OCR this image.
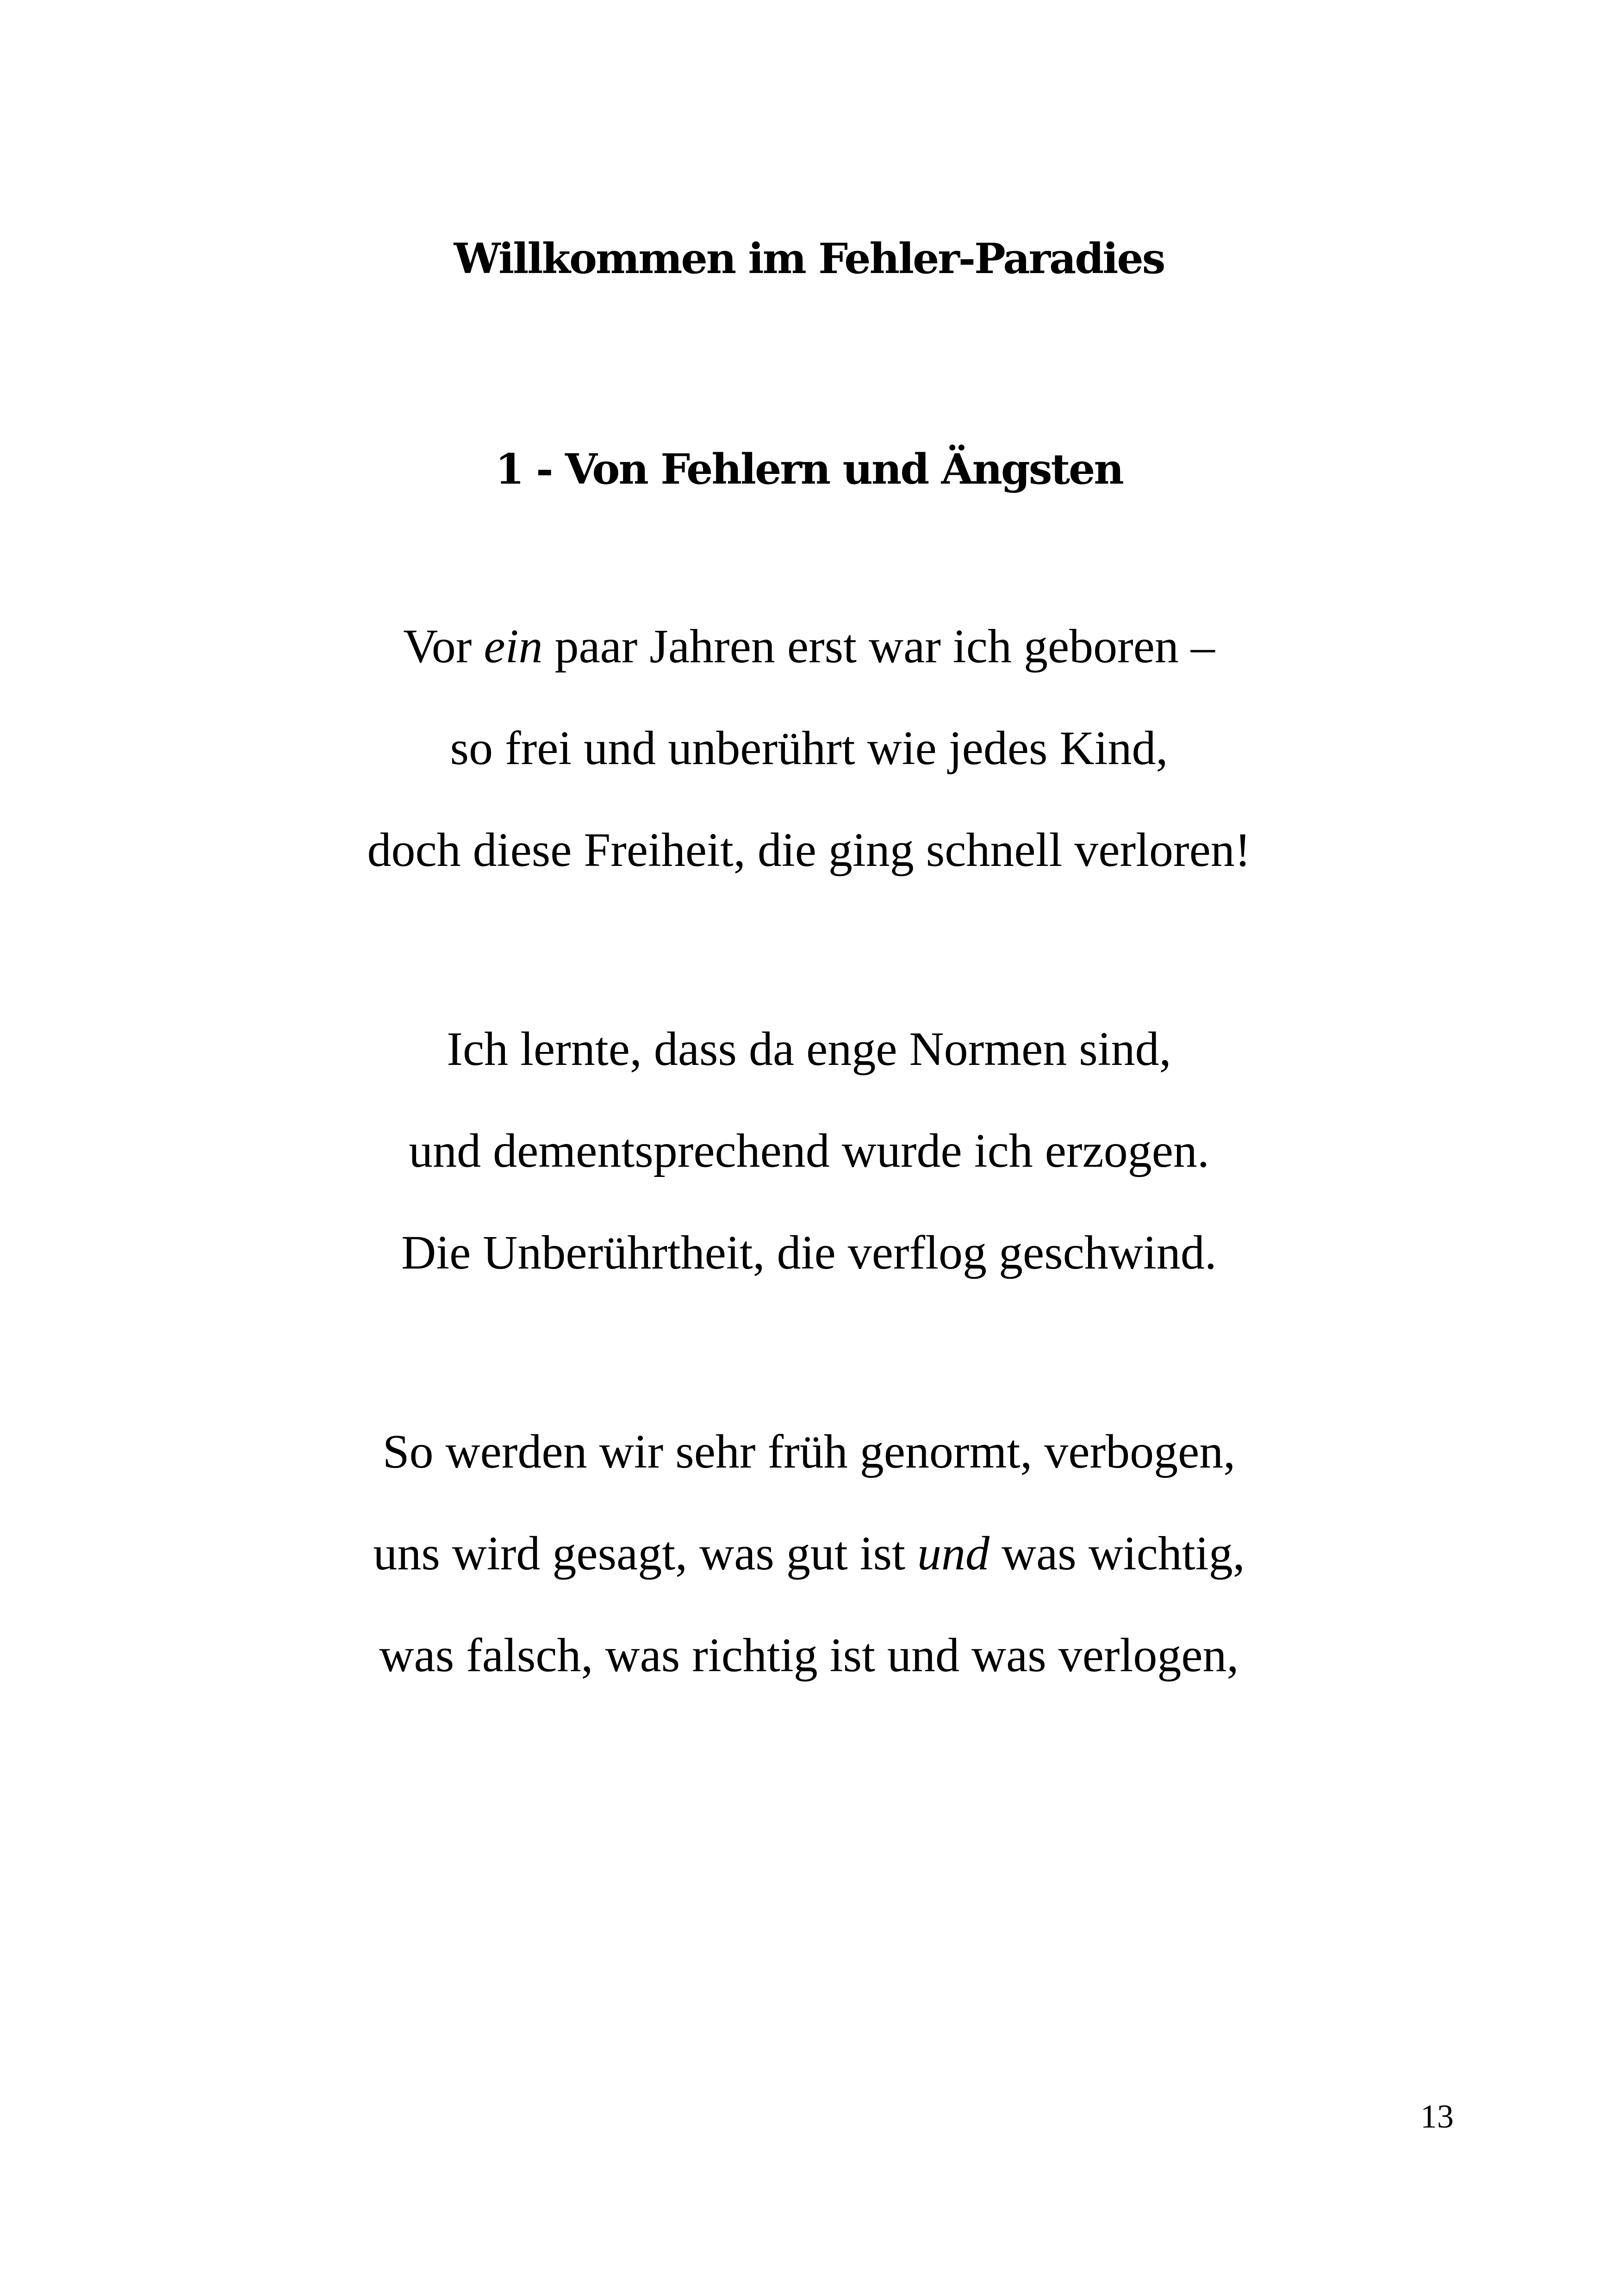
Willkommen im Fehler-Paradies
1 - Von Fehlern und Ängsten
Vor ein paar Jahren erst war ich geboren –
so frei und unberührt wie jedes Kind,
doch diese Freiheit, die ging schnell verloren!
Ich lernte, dass da enge Normen sind,
und dementsprechend wurde ich erzogen.
Die Unberührtheit, die verflog geschwind.
So werden wir sehr früh genormt, verbogen,
uns wird gesagt, was gut ist und was wichtig,
was falsch, was richtig ist und was verlogen,
13
